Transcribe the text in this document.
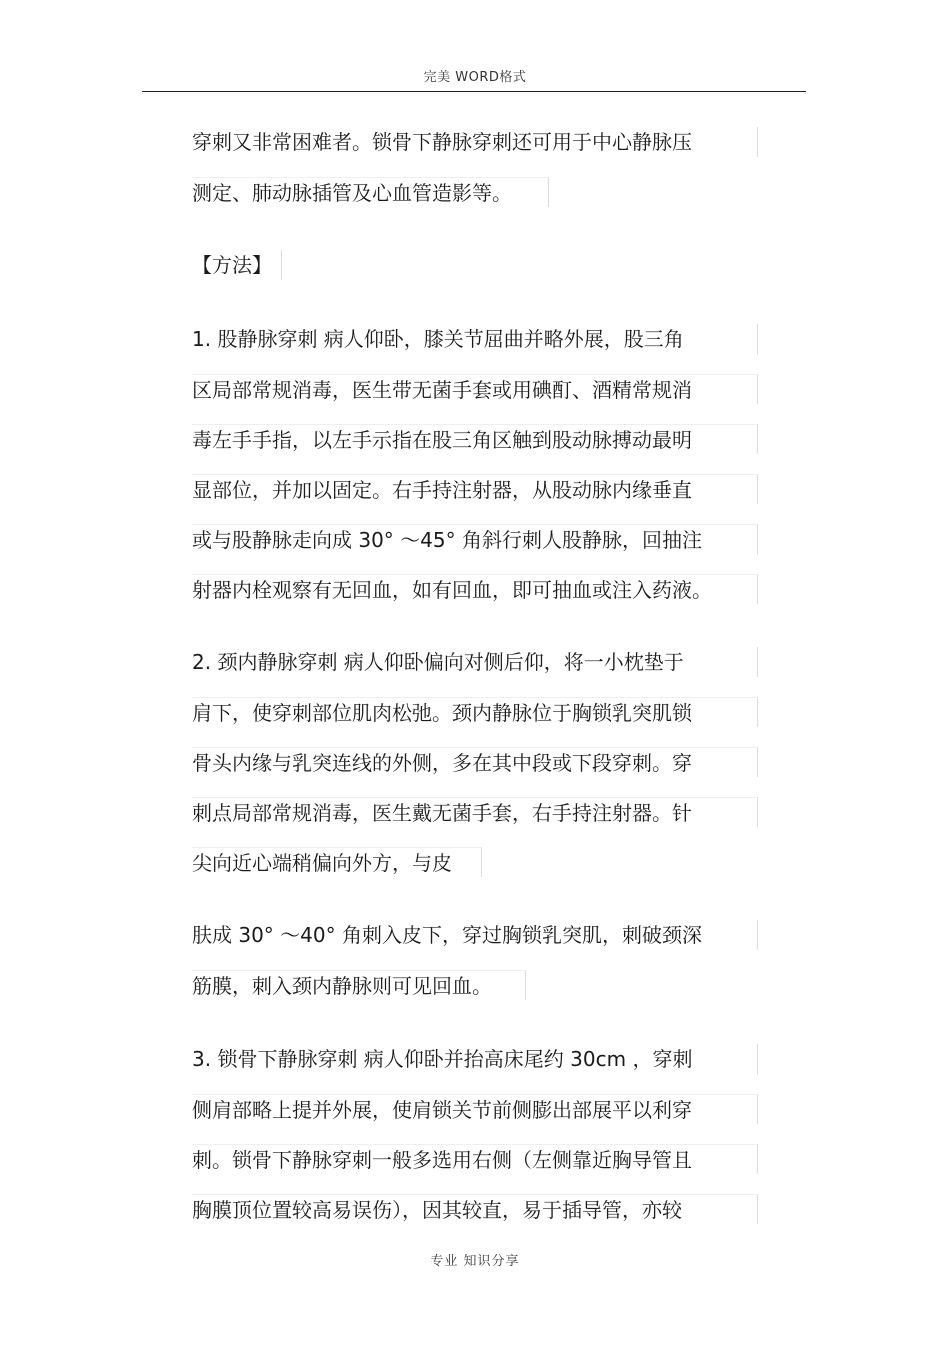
完美 WORD格式
穿刺又非常困难者。锁骨下静脉穿刺还可用于中心静脉压
测定、肺动脉插管及心血管造影等。
【方法】
1. 股静脉穿刺 病人仰卧，膝关节屈曲并略外展，股三角
区局部常规消毒，医生带无菌手套或用碘酊、酒精常规消
毒左手手指，以左手示指在股三角区触到股动脉搏动最明
显部位，并加以固定。右手持注射器，从股动脉内缘垂直
或与股静脉走向成 30° ～45° 角斜行刺人股静脉，回抽注
射器内栓观察有无回血，如有回血，即可抽血或注入药液。
2. 颈内静脉穿刺 病人仰卧偏向对侧后仰，将一小枕垫于
肩下，使穿刺部位肌肉松弛。颈内静脉位于胸锁乳突肌锁
骨头内缘与乳突连线的外侧，多在其中段或下段穿刺。穿
刺点局部常规消毒，医生戴无菌手套，右手持注射器。针
尖向近心端稍偏向外方，与皮
肤成 30° ～40° 角刺入皮下，穿过胸锁乳突肌，刺破颈深
筋膜，刺入颈内静脉则可见回血。
3. 锁骨下静脉穿刺 病人仰卧并抬高床尾约 30cm ，穿刺
侧肩部略上提并外展，使肩锁关节前侧膨出部展平以利穿
刺。锁骨下静脉穿刺一般多选用右侧（左侧靠近胸导管且
胸膜顶位置较高易误伤），因其较直，易于插导管，亦较
专业 知识分享
